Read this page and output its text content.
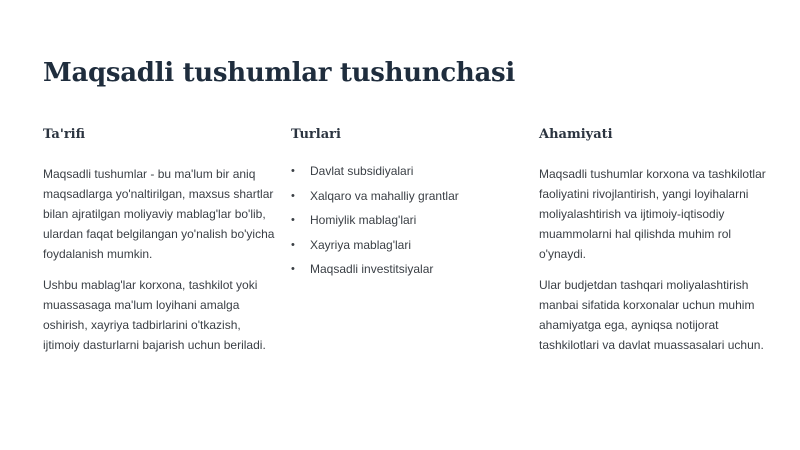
Maqsadli tushumlar tushunchasi
Ta'rifi

Maqsadli tushumlar - bu ma'lum bir aniq maqsadlarga yo'naltirilgan, maxsus shartlar bilan ajratilgan moliyaviy mablag'lar bo'lib, ulardan faqat belgilangan yo'nalish bo'yicha foydalanish mumkin.

Ushbu mablag'lar korxona, tashkilot yoki muassasaga ma'lum loyihani amalga oshirish, xayriya tadbirlarini o'tkazish, ijtimoiy dasturlarni bajarish uchun beriladi.

Turlari
•	Davlat subsidiyalari
•	Xalqaro va mahalliy grantlar
•	Homiylik mablag'lari
•	Xayriya mablag'lari
•	Maqsadli investitsiyalar
Ahamiyati

Maqsadli tushumlar korxona va tashkilotlar faoliyatini rivojlantirish, yangi loyihalarni moliyalashtirish va ijtimoiy-iqtisodiy muammolarni hal qilishda muhim rol o'ynaydi.

Ular budjetdan tashqari moliyalashtirish manbai sifatida korxonalar uchun muhim ahamiyatga ega, ayniqsa notijorat tashkilotlari va davlat muassasalari uchun.
